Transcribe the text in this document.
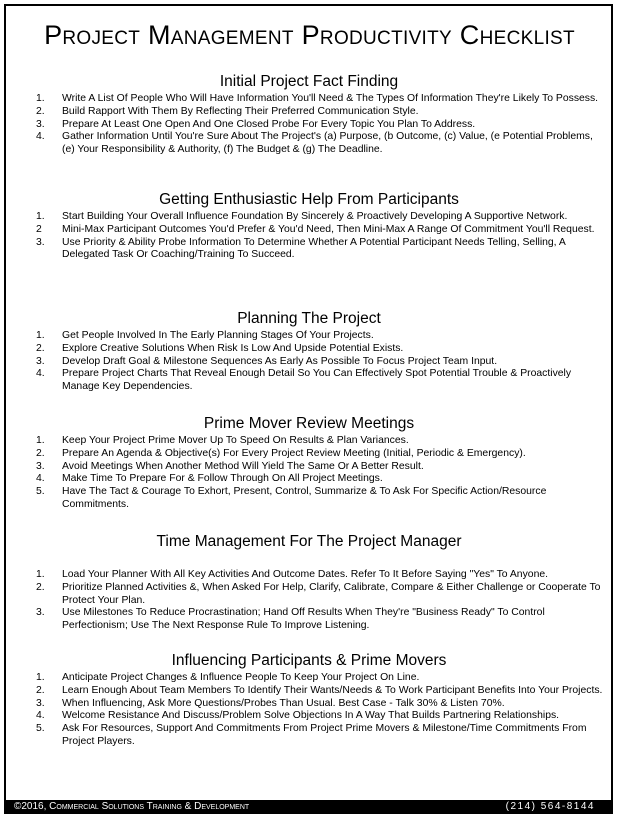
Project Management Productivity Checklist
Initial Project Fact Finding
1. Write A List Of People Who Will Have Information You'll Need & The Types Of Information They're Likely To Possess.
2. Build Rapport With Them By Reflecting Their Preferred Communication Style.
3. Prepare At Least One Open And One Closed Probe For Every Topic You Plan To Address.
4. Gather Information Until You're Sure About The Project's (a) Purpose, (b Outcome, (c) Value, (e Potential Problems, (e) Your Responsibility & Authority, (f) The Budget & (g) The Deadline.
Getting Enthusiastic Help From Participants
1. Start Building Your Overall Influence Foundation By Sincerely & Proactively Developing A Supportive Network.
2 Mini-Max Participant Outcomes You'd Prefer & You'd Need, Then Mini-Max A Range Of Commitment You'll Request.
3. Use Priority & Ability Probe Information To Determine Whether A Potential Participant Needs Telling, Selling, A Delegated Task Or Coaching/Training To Succeed.
Planning The Project
1. Get People Involved In The Early Planning Stages Of Your Projects.
2. Explore Creative Solutions When Risk Is Low And Upside Potential Exists.
3. Develop Draft Goal & Milestone Sequences As Early As Possible To Focus Project Team Input.
4. Prepare Project Charts That Reveal Enough Detail So You Can Effectively Spot Potential Trouble & Proactively Manage Key Dependencies.
Prime Mover Review Meetings
1. Keep Your Project Prime Mover Up To Speed On Results & Plan Variances.
2. Prepare An Agenda & Objective(s) For Every Project Review Meeting (Initial, Periodic & Emergency).
3. Avoid Meetings When Another Method Will Yield The Same Or A Better Result.
4. Make Time To Prepare For & Follow Through On All Project Meetings.
5. Have The Tact & Courage To Exhort, Present, Control, Summarize & To Ask For Specific Action/Resource Commitments.
Time Management For The Project Manager
1. Load Your Planner With All Key Activities And Outcome Dates. Refer To It Before Saying "Yes" To Anyone.
2. Prioritize Planned Activities &, When Asked For Help, Clarify, Calibrate, Compare & Either Challenge or Cooperate To Protect Your Plan.
3. Use Milestones To Reduce Procrastination; Hand Off Results When They're "Business Ready" To Control Perfectionism; Use The Next Response Rule To Improve Listening.
Influencing Participants & Prime Movers
1. Anticipate Project Changes & Influence People To Keep Your Project On Line.
2. Learn Enough About Team Members To Identify Their Wants/Needs & To Work Participant Benefits Into Your Projects.
3. When Influencing, Ask More Questions/Probes Than Usual. Best Case - Talk 30% & Listen 70%.
4. Welcome Resistance And Discuss/Problem Solve Objections In A Way That Builds Partnering Relationships.
5. Ask For Resources, Support And Commitments From Project Prime Movers & Milestone/Time Commitments From Project Players.
©2016, Commercial Solutions Training & Development	(214) 564-8144
